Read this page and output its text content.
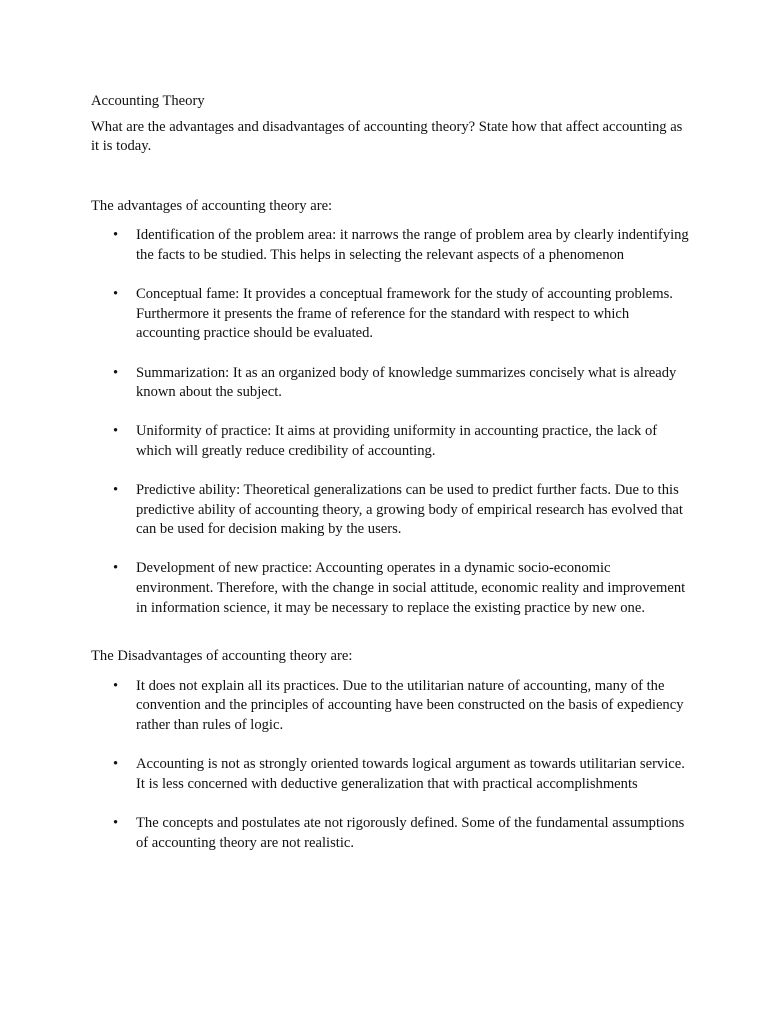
Accounting Theory
What are the advantages and disadvantages of accounting theory? State how that affect accounting as it is today.
The advantages of accounting theory are:
• Identification of the problem area: it narrows the range of problem area by clearly indentifying the facts to be studied. This helps in selecting the relevant aspects of a phenomenon
• Conceptual fame: It provides a conceptual framework for the study of accounting problems. Furthermore it presents the frame of reference for the standard with respect to which accounting practice should be evaluated.
• Summarization: It as an organized body of knowledge summarizes concisely what is already known about the subject.
• Uniformity of practice: It aims at providing uniformity in accounting practice, the lack of which will greatly reduce credibility of accounting.
• Predictive ability: Theoretical generalizations can be used to predict further facts. Due to this predictive ability of accounting theory, a growing body of empirical research has evolved that can be used for decision making by the users.
• Development of new practice: Accounting operates in a dynamic socio-economic environment. Therefore, with the change in social attitude, economic reality and improvement in information science, it may be necessary to replace the existing practice by new one.
The Disadvantages of accounting theory are:
• It does not explain all its practices. Due to the utilitarian nature of accounting, many of the convention and the principles of accounting have been constructed on the basis of expediency rather than rules of logic.
• Accounting is not as strongly oriented towards logical argument as towards utilitarian service. It is less concerned with deductive generalization that with practical accomplishments
• The concepts and postulates ate not rigorously defined. Some of the fundamental assumptions of accounting theory are not realistic.
